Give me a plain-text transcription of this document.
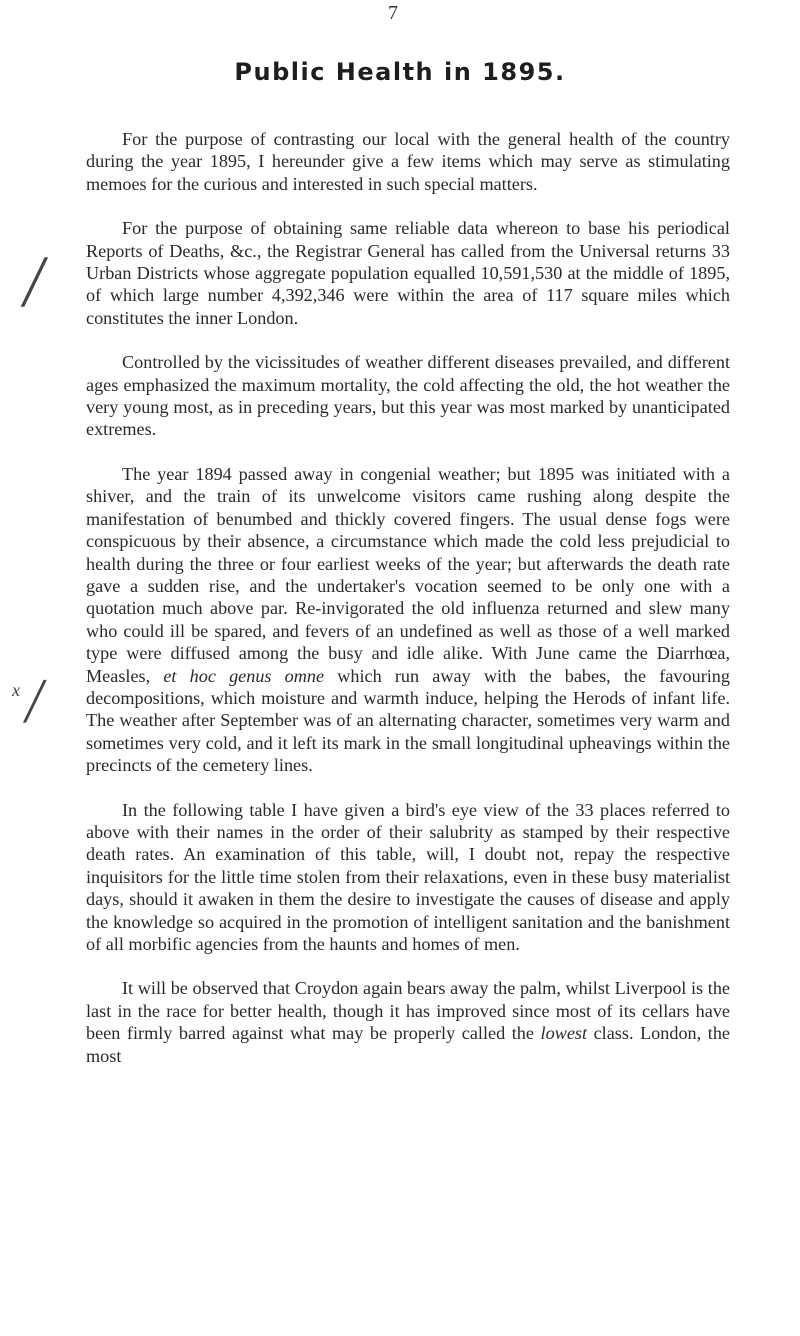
7
Public Health in 1895.
/
/
x

For the purpose of contrasting our local with the general health of the country during the year 1895, I hereunder give a few items which may serve as stimulating memoes for the curious and interested in such special matters.

For the purpose of obtaining same reliable data whereon to base his periodical Reports of Deaths, &c., the Registrar General has called from the Universal returns 33 Urban Districts whose aggregate population equalled 10,591,530 at the middle of 1895, of which large number 4,392,346 were within the area of 117 square miles which constitutes the inner London.

Controlled by the vicissitudes of weather different diseases prevailed, and different ages emphasized the maximum mortality, the cold affecting the old, the hot weather the very young most, as in preceding years, but this year was most marked by unanticipated extremes.

The year 1894 passed away in congenial weather; but 1895 was initiated with a shiver, and the train of its unwelcome visitors came rushing along despite the manifestation of benumbed and thickly covered fingers. The usual dense fogs were conspicuous by their absence, a circumstance which made the cold less prejudicial to health during the three or four earliest weeks of the year; but afterwards the death rate gave a sudden rise, and the undertaker's vocation seemed to be only one with a quotation much above par. Re-invigorated the old influenza returned and slew many who could ill be spared, and fevers of an undefined as well as those of a well marked type were diffused among the busy and idle alike. With June came the Diarrhœa, Measles, et hoc genus omne which run away with the babes, the favouring decompositions, which moisture and warmth induce, helping the Herods of infant life. The weather after September was of an alternating character, sometimes very warm and sometimes very cold, and it left its mark in the small longitudinal upheavings within the precincts of the cemetery lines.

In the following table I have given a bird's eye view of the 33 places referred to above with their names in the order of their salubrity as stamped by their respective death rates. An examination of this table, will, I doubt not, repay the respective inquisitors for the little time stolen from their relaxations, even in these busy materialist days, should it awaken in them the desire to investigate the causes of disease and apply the knowledge so acquired in the promotion of intelligent sanitation and the banishment of all morbific agencies from the haunts and homes of men.

It will be observed that Croydon again bears away the palm, whilst Liverpool is the last in the race for better health, though it has improved since most of its cellars have been firmly barred against what may be properly called the lowest class. London, the most
